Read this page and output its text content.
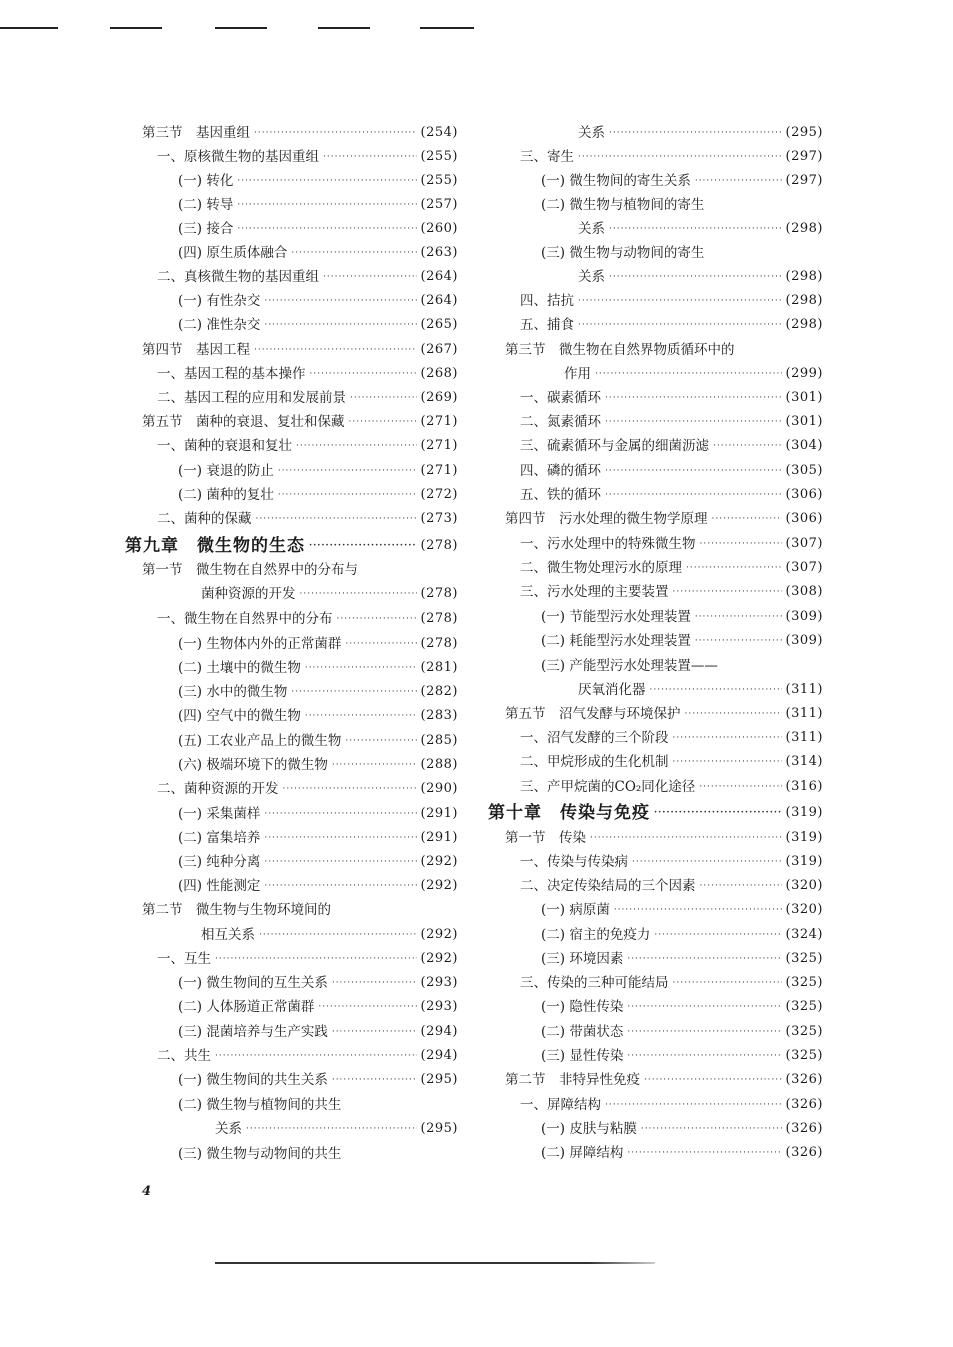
第三节　基因重组 ·····	(254)
一、原核微生物的基因重组 ·····	(255)
(一) 转化 ·····	(255)
(二) 转导 ·····	(257)
(三) 接合 ·····	(260)
(四) 原生质体融合 ·····	(263)
二、真核微生物的基因重组 ·····	(264)
(一) 有性杂交 ·····	(264)
(二) 准性杂交 ·····	(265)
第四节　基因工程 ·····	(267)
一、基因工程的基本操作 ·····	(268)
二、基因工程的应用和发展前景 ·····	(269)
第五节　菌种的衰退、复壮和保藏 ·····	(271)
一、菌种的衰退和复壮 ·····	(271)
(一) 衰退的防止 ·····	(271)
(二) 菌种的复壮 ·····	(272)
二、菌种的保藏 ·····	(273)
第九章　微生物的生态 ·····	(278)
第一节　微生物在自然界中的分布与
菌种资源的开发 ·····	(278)
一、微生物在自然界中的分布 ·····	(278)
(一) 生物体内外的正常菌群 ·····	(278)
(二) 土壤中的微生物 ·····	(281)
(三) 水中的微生物 ·····	(282)
(四) 空气中的微生物 ·····	(283)
(五) 工农业产品上的微生物 ·····	(285)
(六) 极端环境下的微生物 ·····	(288)
二、菌种资源的开发 ·····	(290)
(一) 采集菌样 ·····	(291)
(二) 富集培养 ·····	(291)
(三) 纯种分离 ·····	(292)
(四) 性能测定 ·····	(292)
第二节　微生物与生物环境间的
相互关系 ·····	(292)
一、互生 ·····	(292)
(一) 微生物间的互生关系 ·····	(293)
(二) 人体肠道正常菌群 ·····	(293)
(三) 混菌培养与生产实践 ·····	(294)
二、共生 ·····	(294)
(一) 微生物间的共生关系 ·····	(295)
(二) 微生物与植物间的共生
关系 ·····	(295)
(三) 微生物与动物间的共生
关系 ·····	(295)
三、寄生 ·····	(297)
(一) 微生物间的寄生关系 ·····	(297)
(二) 微生物与植物间的寄生
关系 ·····	(298)
(三) 微生物与动物间的寄生
关系 ·····	(298)
四、拮抗 ·····	(298)
五、捕食 ·····	(298)
第三节　微生物在自然界物质循环中的
作用 ·····	(299)
一、碳素循环 ·····	(301)
二、氮素循环 ·····	(301)
三、硫素循环与金属的细菌沥滤 ·····	(304)
四、磷的循环 ·····	(305)
五、铁的循环 ·····	(306)
第四节　污水处理的微生物学原理 ·····	(306)
一、污水处理中的特殊微生物 ·····	(307)
二、微生物处理污水的原理 ·····	(307)
三、污水处理的主要装置 ·····	(308)
(一) 节能型污水处理装置 ·····	(309)
(二) 耗能型污水处理装置 ·····	(309)
(三) 产能型污水处理装置——
厌氧消化器 ·····	(311)
第五节　沼气发酵与环境保护 ·····	(311)
一、沼气发酵的三个阶段 ·····	(311)
二、甲烷形成的生化机制 ·····	(314)
三、产甲烷菌的CO₂同化途径 ·····	(316)
第十章　传染与免疫 ·····	(319)
第一节　传染 ·····	(319)
一、传染与传染病 ·····	(319)
二、决定传染结局的三个因素 ·····	(320)
(一) 病原菌 ·····	(320)
(二) 宿主的免疫力 ·····	(324)
(三) 环境因素 ·····	(325)
三、传染的三种可能结局 ·····	(325)
(一) 隐性传染 ·····	(325)
(二) 带菌状态 ·····	(325)
(三) 显性传染 ·····	(325)
第二节　非特异性免疫 ·····	(326)
一、屏障结构 ·····	(326)
(一) 皮肤与粘膜 ·····	(326)
(二) 屏障结构 ·····	(326)
4
